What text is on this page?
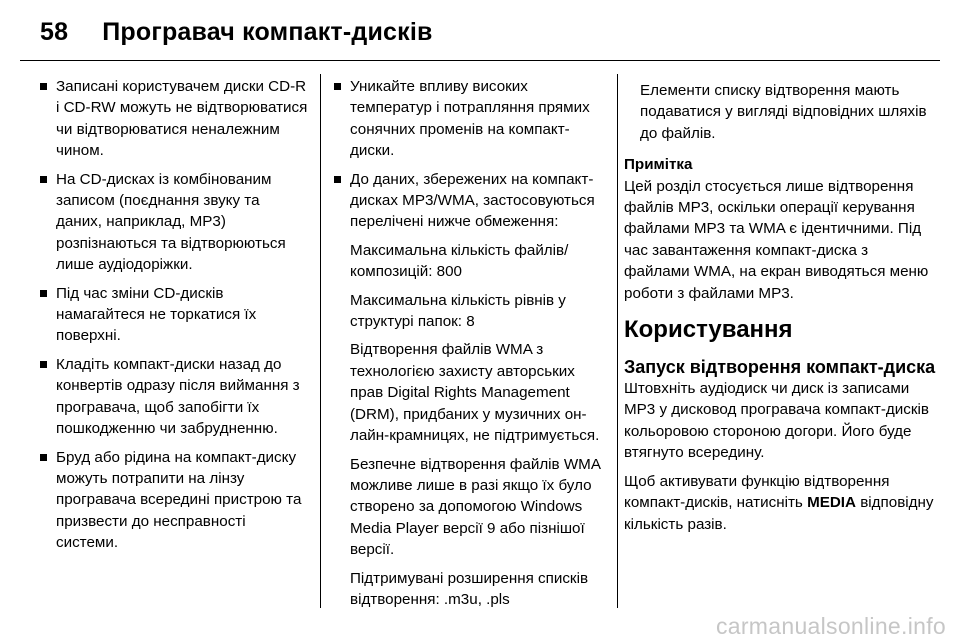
58 Програвач компакт-дисків
Записані користувачем диски CD-R і CD-RW можуть не відтворюватися чи відтворюватися неналежним чином.
На CD-дисках із комбінованим записом (поєднання звуку та даних, наприклад, MP3) розпізнаються та відтворюються лише аудіодоріжки.
Під час зміни CD-дисків намагайтеся не торкатися їх поверхні.
Кладіть компакт-диски назад до конвертів одразу після виймання з програвача, щоб запобігти їх пошкодженню чи забрудненню.
Бруд або рідина на компакт-диску можуть потрапити на лінзу програвача всередині пристрою та призвести до несправності системи.
Уникайте впливу високих температур і потрапляння прямих сонячних променів на компакт-диски.
До даних, збережених на компакт-дисках MP3/WMA, застосовуються перелічені нижче обмеження:

Максимальна кількість файлів/композицій: 800

Максимальна кількість рівнів у структурі папок: 8

Відтворення файлів WMA з технологією захисту авторських прав Digital Rights Management (DRM), придбаних у музичних он-лайн-крамницях, не підтримується.

Безпечне відтворення файлів WMA можливе лише в разі якщо їх було створено за допомогою Windows Media Player версії 9 або пізнішої версії.

Підтримувані розширення списків відтворення: .m3u, .pls

Елементи списку відтворення мають подаватися у вигляді відповідних шляхів до файлів.

Примітка

Цей розділ стосується лише відтворення файлів MP3, оскільки операції керування файлами MP3 та WMA є ідентичними. Під час завантаження компакт-диска з файлами WMA, на екран виводяться меню роботи з файлами MP3.

Користування

Запуск відтворення компакт-диска

Штовхніть аудіодиск чи диск із записами MP3 у дисковод програвача компакт-дисків кольоровою стороною догори. Його буде втягнуто всередину.

Щоб активувати функцію відтворення компакт-дисків, натисніть MEDIA відповідну кількість разів.

carmanualsonline.info
